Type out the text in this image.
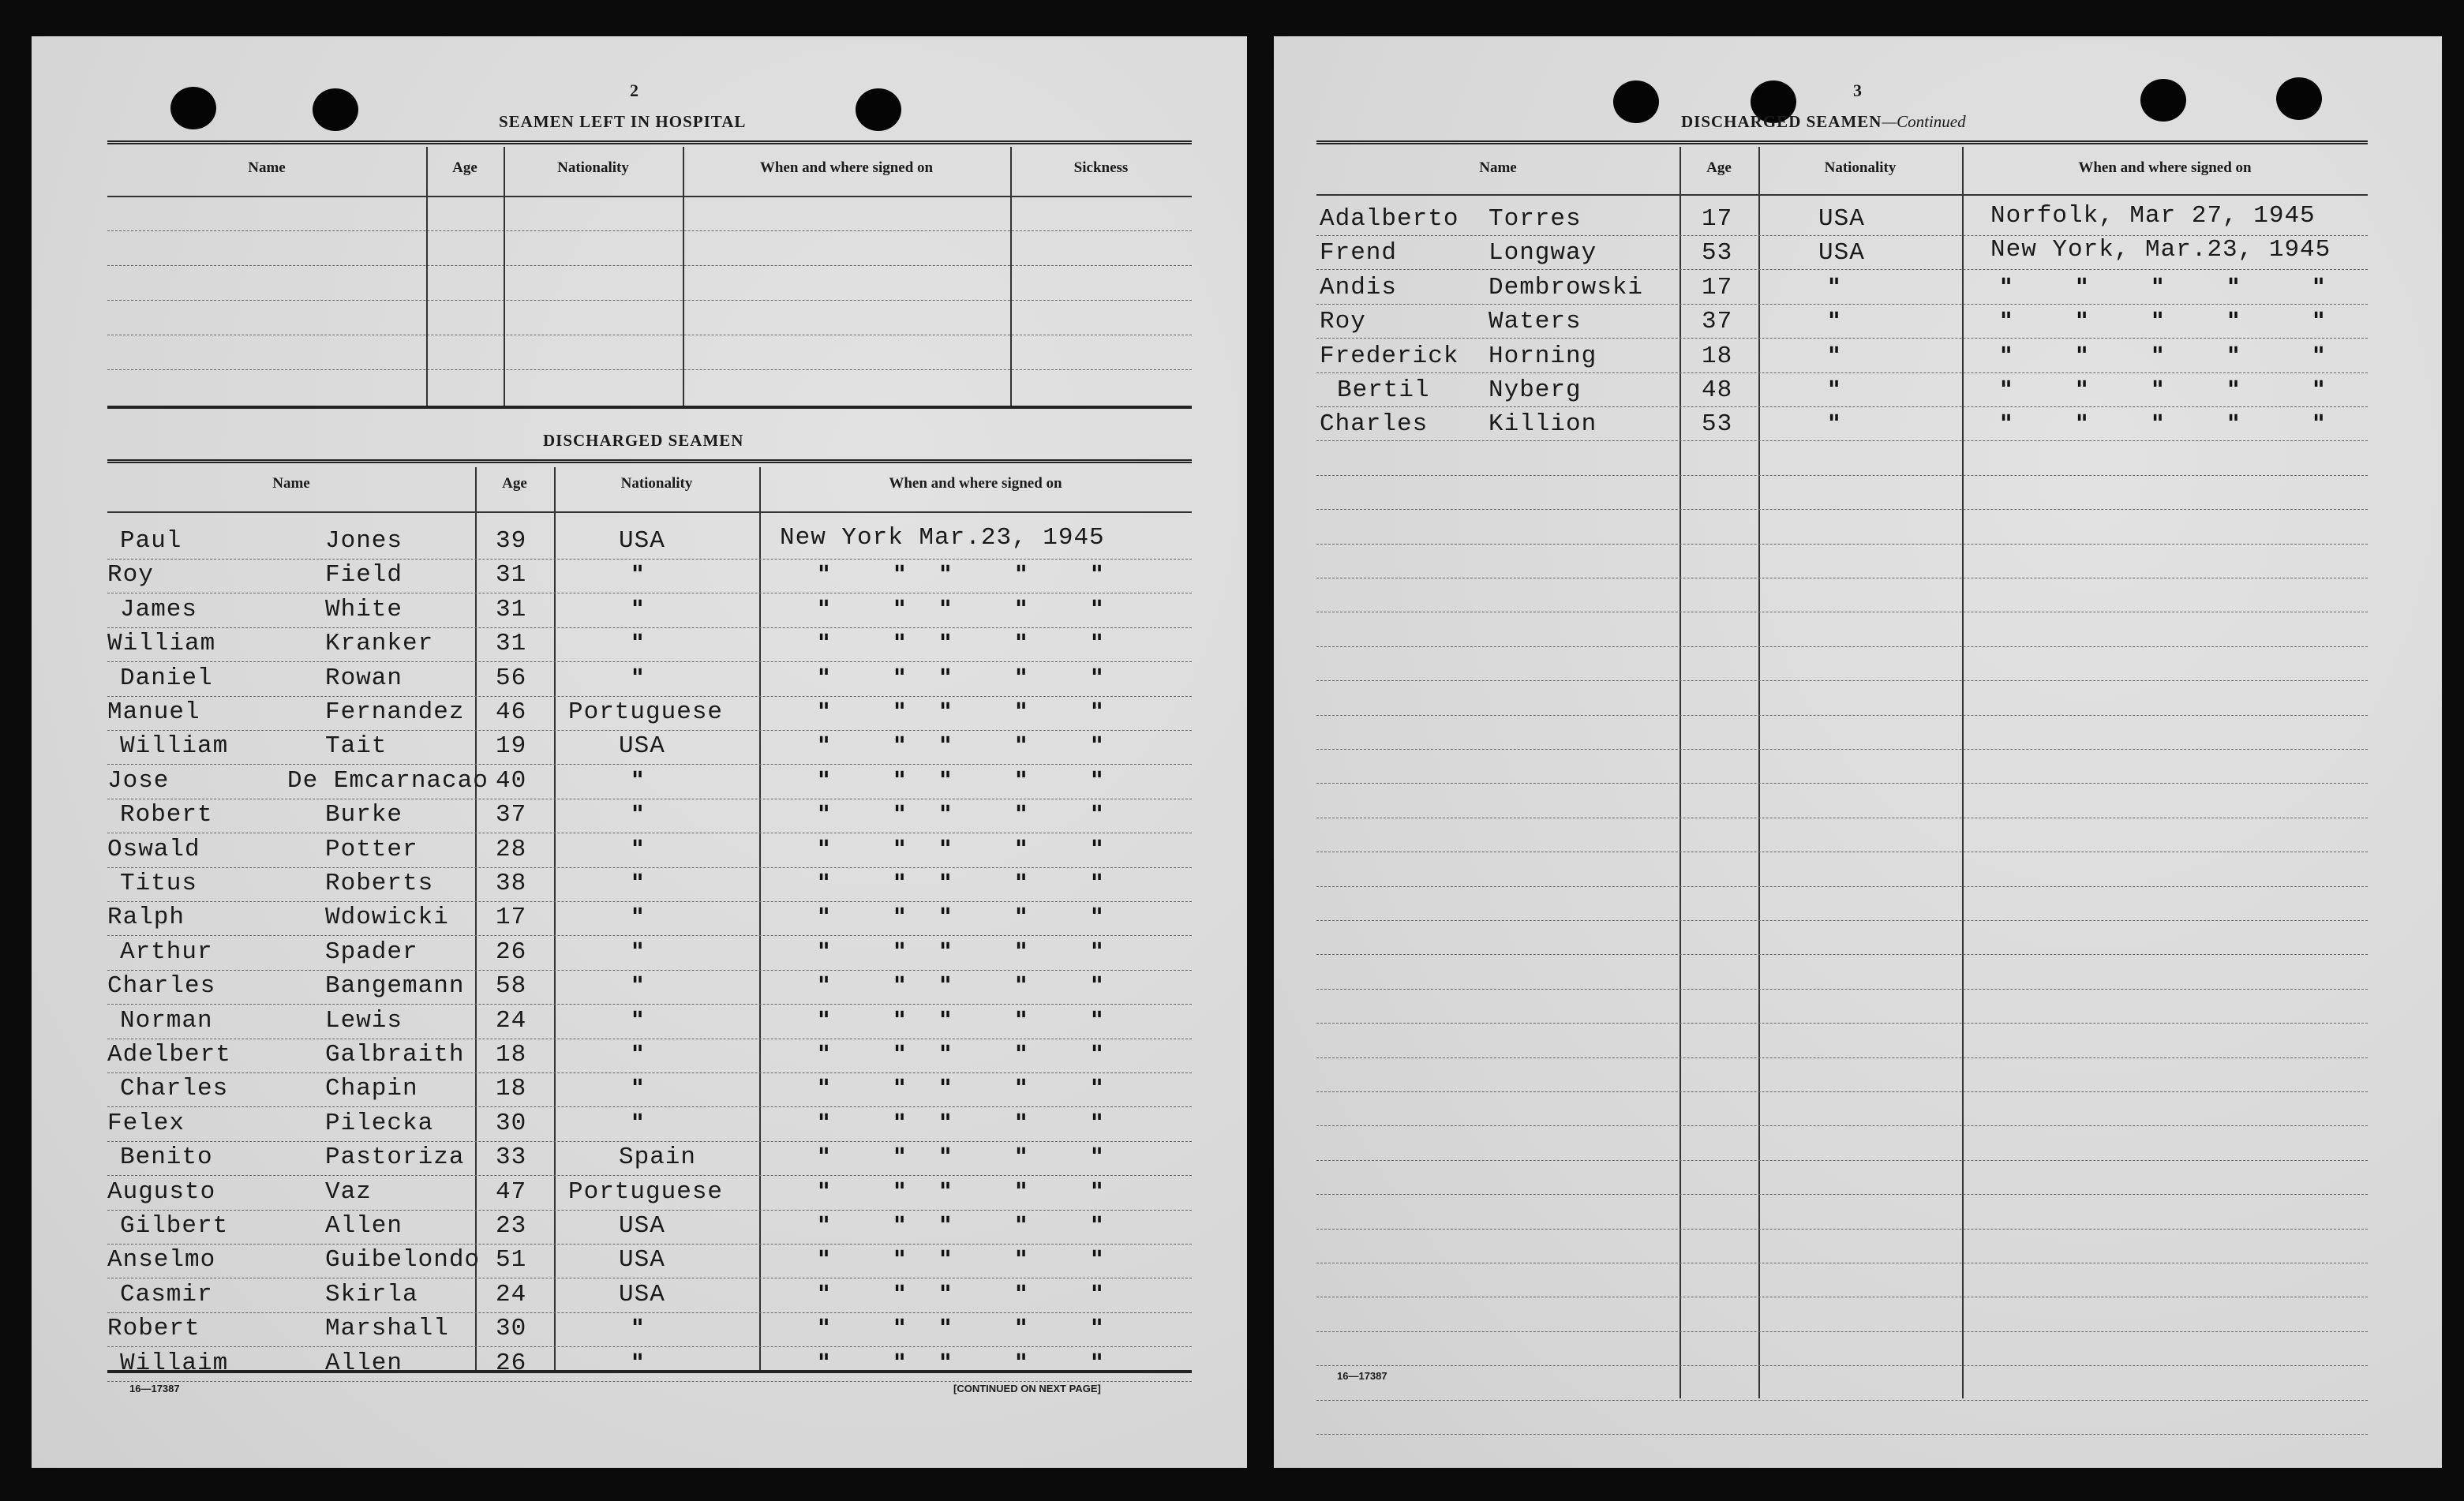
2
SEAMEN LEFT IN HOSPITAL
Name	Age	Nationality	When and where signed on	Sickness
DISCHARGED SEAMEN
Name	Age	Nationality	When and where signed on
Paul	Jones	39	USA	New York Mar.23, 1945
Roy	Field	31	"	"	" "	"	"
James	White	31	"	"	" "	"	"
William	Kranker	31	"	"	" "	"	"
Daniel	Rowan	56	"	"	" "	"	"
Manuel	Fernandez 46 Portuguese	"	" "	"	"
William	Tait	19	USA	"	" "	"	"
Jose	De Emcarnacao 40	"	"	" "	"	"
Robert	Burke	37	"	"	" "	"	"
Oswald	Potter	28	"	"	" "	"	"
Titus	Roberts	38	"	"	" "	"	"
Ralph	Wdowicki 17	"	"	" "	"	"
Arthur	Spader	26	"	"	" "	"	"
Charles	Bangemann 58	"	"	" "	"	"
Norman	Lewis	24	"	"	" "	"	"
Adelbert	Galbraith 18	"	"	" "	"	"
Charles	Chapin	18	"	"	" "	"	"
Felex	Pilecka	30	"	"	" "	"	"
Benito	Pastoriza 33	Spain	"	" "	"	"
Augusto	Vaz	47 Portuguese	"	" "	"	"
Gilbert	Allen	23	USA	"	" "	"	"
Anselmo	Guibelondo 51	USA	"	" "	"	"
Casmir	Skirla	24	USA	"	" "	"	"
Robert	Marshall 30	"	"	" "	"	"
Willaim	Allen	26	"	"	" "	"	"
16—17387	[CONTINUED ON NEXT PAGE]
3
DISCHARGED SEAMEN—Continued
Name	Age	Nationality	When and where signed on
Adalberto Torres	17	USA	Norfolk, Mar 27, 1945
Frend	Longway	53	USA	New York, Mar.23, 1945
Andis	Dembrowski 17	"	"	"	"	"	"
Roy	Waters	37	"	"	"	"	"	"
Frederick Horning	18	"	"	"	"	"	"
Bertil Nyberg	48	"	"	"	"	"	"
Charles Killion	53	"	"	"	"	"	"
16—17387
